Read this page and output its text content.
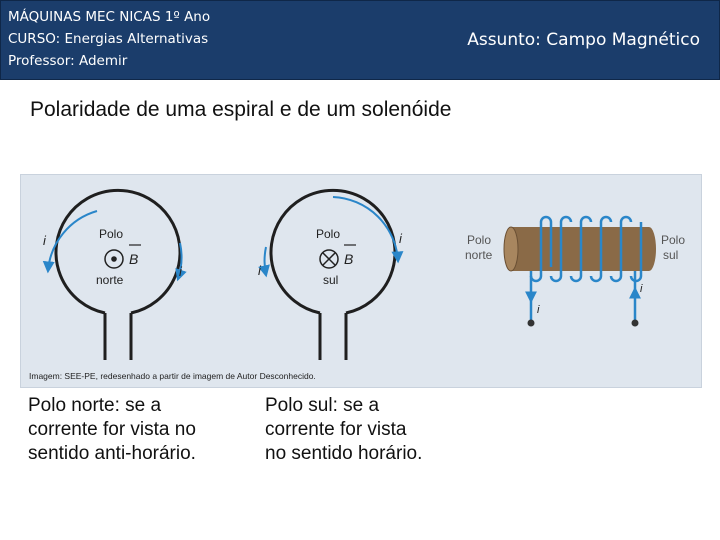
MÁQUINAS MEC NICAS 1º Ano
CURSO: Energias Alternativas
Professor: Ademir
Assunto: Campo Magnético
Polaridade de uma espiral e de um solenóide
i
i
Polo
B
norte
i
i
Polo
B
sul
i
i
Polo
norte
Polo
sul
Imagem: SEE-PE, redesenhado a partir de imagem de Autor Desconhecido.
Polo norte: se a
corrente for vista no
sentido anti-horário.
Polo sul: se a
corrente for vista
no sentido horário.
